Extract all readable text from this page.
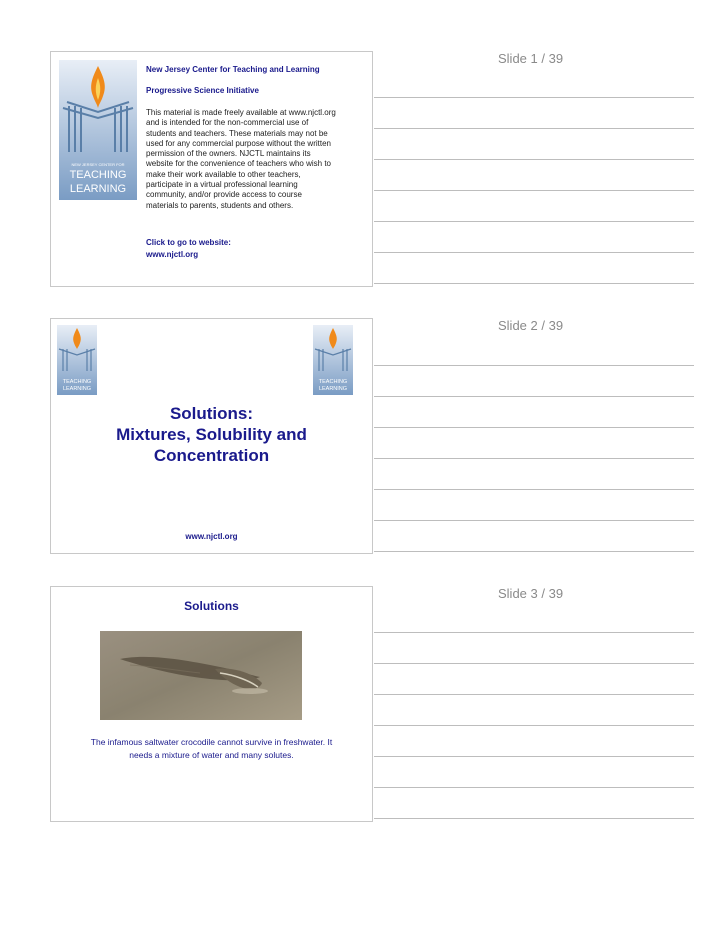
Slide 1 / 39
NEW JERSEY CENTER FOR
TEACHING
LEARNING
New Jersey Center for Teaching and Learning
Progressive Science Initiative
This material is made freely available at www.njctl.org
and is intended for the non-commercial use of
students and teachers. These materials may not be
used for any commercial purpose without the written
permission of the owners. NJCTL maintains its
website for the convenience of teachers who wish to
make their work available to other teachers,
participate in a virtual professional learning
community, and/or provide access to course
materials to parents, students and others.
Click to go to website:
www.njctl.org
Slide 2 / 39
TEACHING
LEARNING
TEACHING
LEARNING
Solutions:
Mixtures, Solubility and
Concentration
www.njctl.org
Slide 3 / 39
Solutions
The infamous saltwater crocodile cannot survive in freshwater. It
needs a mixture of water and many solutes.
